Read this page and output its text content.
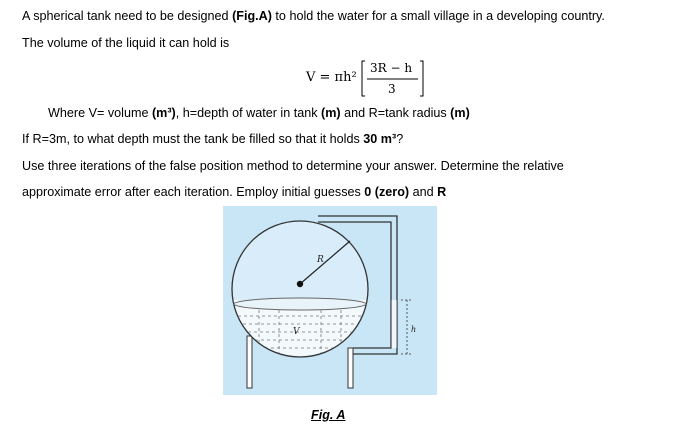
A spherical tank need to be designed (Fig.A) to hold the water for a small village in a developing country.
The volume of the liquid it can hold is
V = πh²
3R − h
3
Where V= volume (m³), h=depth of water in tank (m) and R=tank radius (m)
If R=3m, to what depth must the tank be filled so that it holds 30 m³?
Use three iterations of the false position method to determine your answer. Determine the relative
approximate error after each iteration. Employ initial guesses 0 (zero) and R
R
V	h
Fig. A
